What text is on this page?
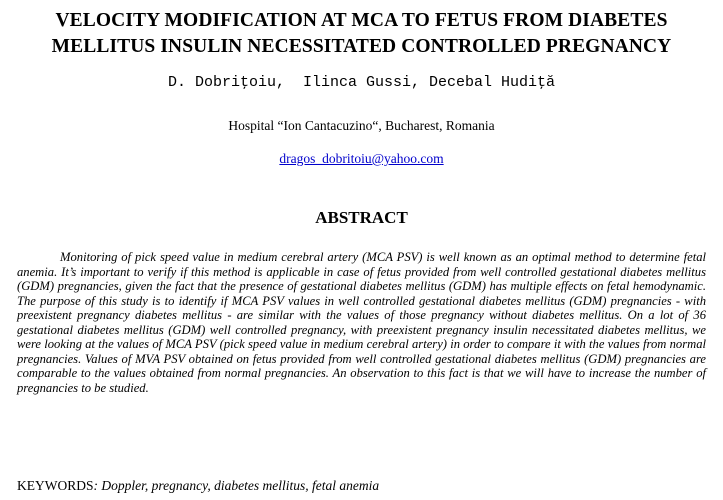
VELOCITY MODIFICATION AT MCA TO FETUS FROM DIABETES
MELLITUS INSULIN NECESSITATED CONTROLLED PREGNANCY
D. Dobriţoiu,  Ilinca Gussi, Decebal Hudiţă
Hospital “Ion Cantacuzino“, Bucharest, Romania
dragos_dobritoiu@yahoo.com
ABSTRACT
Monitoring of pick speed value in medium cerebral artery (MCA PSV) is well known as an optimal method to determine fetal anemia. It’s important to verify if this method is applicable in case of fetus provided from well controlled gestational diabetes mellitus (GDM) pregnancies, given the fact that the presence of gestational diabetes mellitus (GDM) has multiple effects on fetal hemodynamic. The purpose of this study is to identify if MCA PSV values in well controlled gestational diabetes mellitus (GDM) pregnancies - with preexistent pregnancy diabetes mellitus - are similar with the values of those pregnancy without diabetes mellitus. On a lot of 36 gestational diabetes mellitus (GDM) well controlled pregnancy, with preexistent pregnancy insulin necessitated diabetes mellitus, we were looking at the values of MCA PSV (pick speed value in medium cerebral artery) in order to compare it with the values from normal pregnancies. Values of MVA PSV obtained on fetus provided from well controlled gestational diabetes mellitus (GDM) pregnancies are comparable to the values obtained from normal pregnancies. An observation to this fact is that we will have to increase the number of pregnancies to be studied.
KEYWORDS: Doppler, pregnancy, diabetes mellitus, fetal anemia
